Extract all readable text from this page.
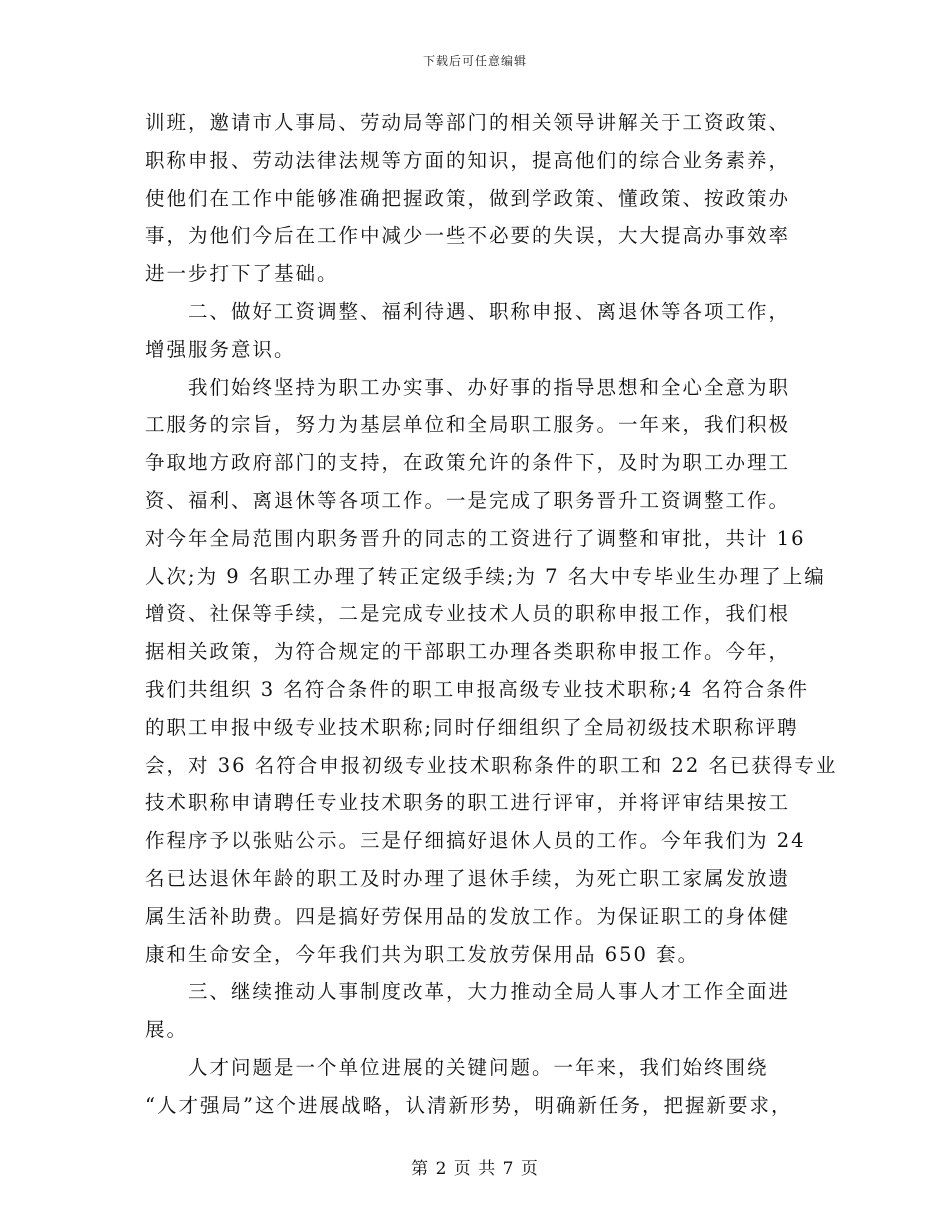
下载后可任意编辑
训班，邀请市人事局、劳动局等部门的相关领导讲解关于工资政策、
职称申报、劳动法律法规等方面的知识，提高他们的综合业务素养，
使他们在工作中能够准确把握政策，做到学政策、懂政策、按政策办
事，为他们今后在工作中减少一些不必要的失误，大大提高办事效率
进一步打下了基础。
　　二、做好工资调整、福利待遇、职称申报、离退休等各项工作，
增强服务意识。
　　我们始终坚持为职工办实事、办好事的指导思想和全心全意为职
工服务的宗旨，努力为基层单位和全局职工服务。一年来，我们积极
争取地方政府部门的支持，在政策允许的条件下，及时为职工办理工
资、福利、离退休等各项工作。一是完成了职务晋升工资调整工作。
对今年全局范围内职务晋升的同志的工资进行了调整和审批，共计 16
人次;为 9 名职工办理了转正定级手续;为 7 名大中专毕业生办理了上编
增资、社保等手续，二是完成专业技术人员的职称申报工作，我们根
据相关政策，为符合规定的干部职工办理各类职称申报工作。今年，
我们共组织 3 名符合条件的职工申报高级专业技术职称;4 名符合条件
的职工申报中级专业技术职称;同时仔细组织了全局初级技术职称评聘
会，对 36 名符合申报初级专业技术职称条件的职工和 22 名已获得专业
技术职称申请聘任专业技术职务的职工进行评审，并将评审结果按工
作程序予以张贴公示。三是仔细搞好退休人员的工作。今年我们为 24
名已达退休年龄的职工及时办理了退休手续，为死亡职工家属发放遗
属生活补助费。四是搞好劳保用品的发放工作。为保证职工的身体健
康和生命安全，今年我们共为职工发放劳保用品 650 套。
　　三、继续推动人事制度改革，大力推动全局人事人才工作全面进
展。
　　人才问题是一个单位进展的关键问题。一年来，我们始终围绕
“人才强局”这个进展战略，认清新形势，明确新任务，把握新要求，
第 2 页 共 7 页
